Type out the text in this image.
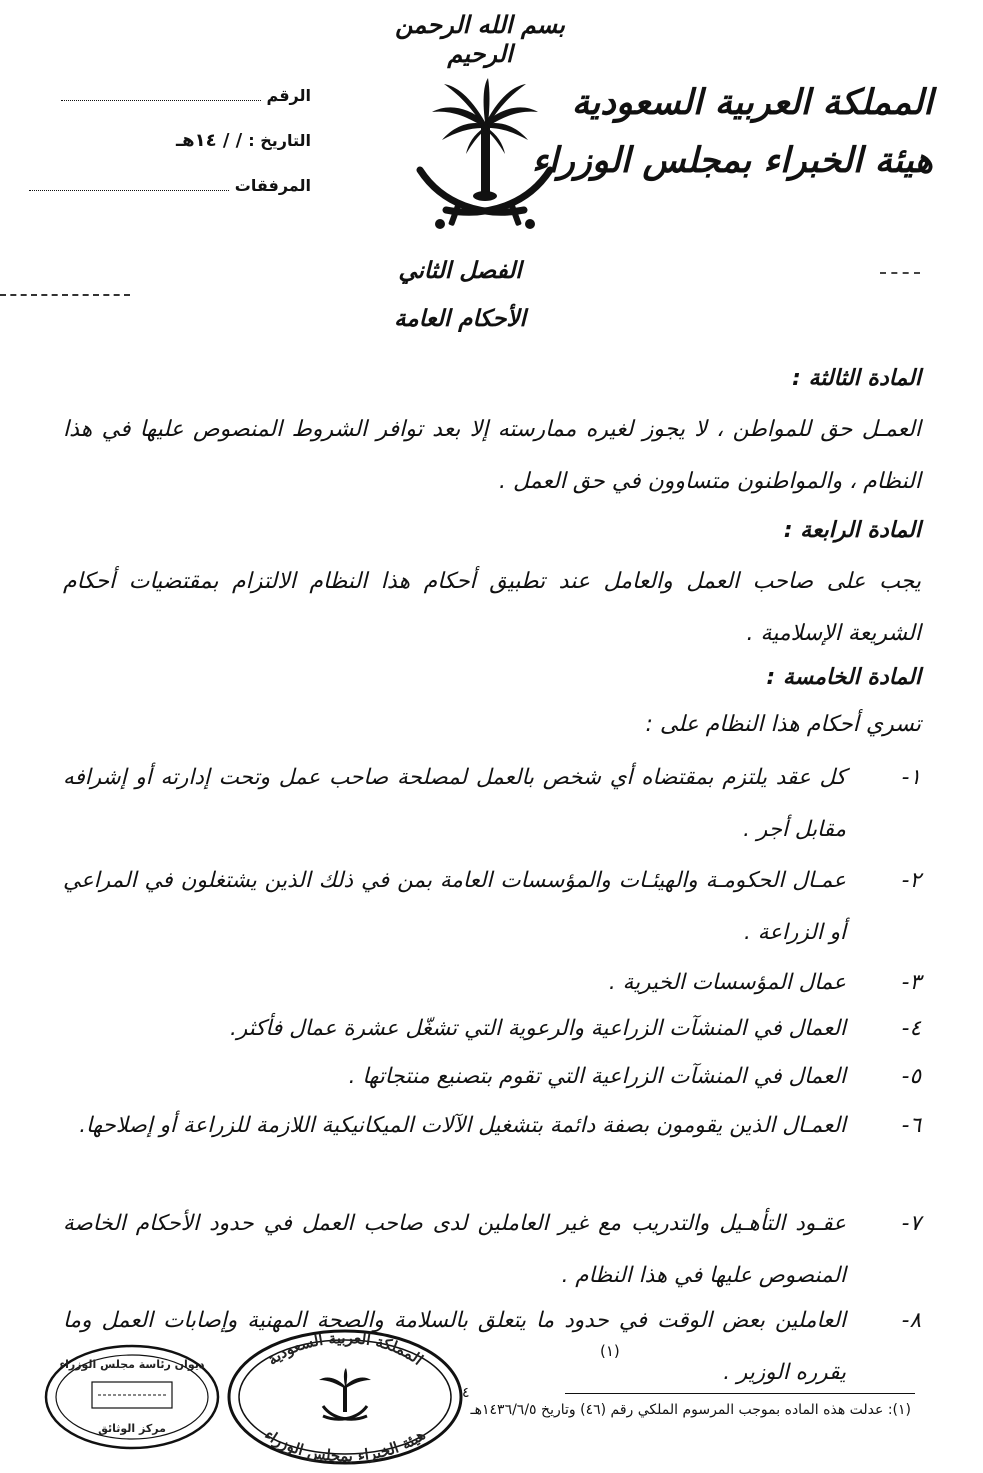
بسم الله الرحمن الرحيم
المملكة العربية السعودية
هيئة الخبراء بمجلس الوزراء
الرقم
التاريخ :
/ / ١٤هـ
المرفقات
الفصل الثاني
الأحكام العامة
المادة الثالثة :
العمـل حق للمواطن ، لا يجوز لغيره ممارسته إلا بعد توافر الشروط المنصوص عليها في هذا النظام ، والمواطنون متساوون في حق العمل .
المادة الرابعة :
يجب على صاحب العمل والعامل عند تطبيق أحكام هذا النظام الالتزام بمقتضيات أحكام الشريعة الإسلامية .
المادة الخامسة :
تسري أحكام هذا النظام على :
١-
كل عقد يلتزم بمقتضاه أي شخص بالعمل لمصلحة صاحب عمل وتحت إدارته أو إشرافه مقابل أجر .
٢-
عمـال الحكومـة والهيئـات والمؤسسات العامة بمن في ذلك الذين يشتغلون في المراعي أو الزراعة .
٣-
عمال المؤسسات الخيرية .
٤-
العمال في المنشآت الزراعية والرعوية التي تشغّل عشرة عمال فأكثر.
٥-
العمال في المنشآت الزراعية التي تقوم بتصنيع منتجاتها .
٦-
العمـال الذين يقومون بصفة دائمة بتشغيل الآلات الميكانيكية اللازمة للزراعة أو إصلاحها.
٧-
عقـود التأهـيل والتدريب مع غير العاملين لدى صاحب العمل في حدود الأحكام الخاصة المنصوص عليها في هذا النظام .
٨-
العاملين بعض الوقت في حدود ما يتعلق بالسلامة والصحة المهنية وإصابات العمل وما يقرره الوزير .
(١)
(١): عدلت هذه الماده بموجب المرسوم الملكي رقم (٤٦) وتاريخ ١٤٣٦/٦/٥هـ
٤
المملكة العربية السعودية
هيئة الخبراء بمجلس الوزراء
ديوان رئاسة مجلس الوزراء
مركز الوثائق
